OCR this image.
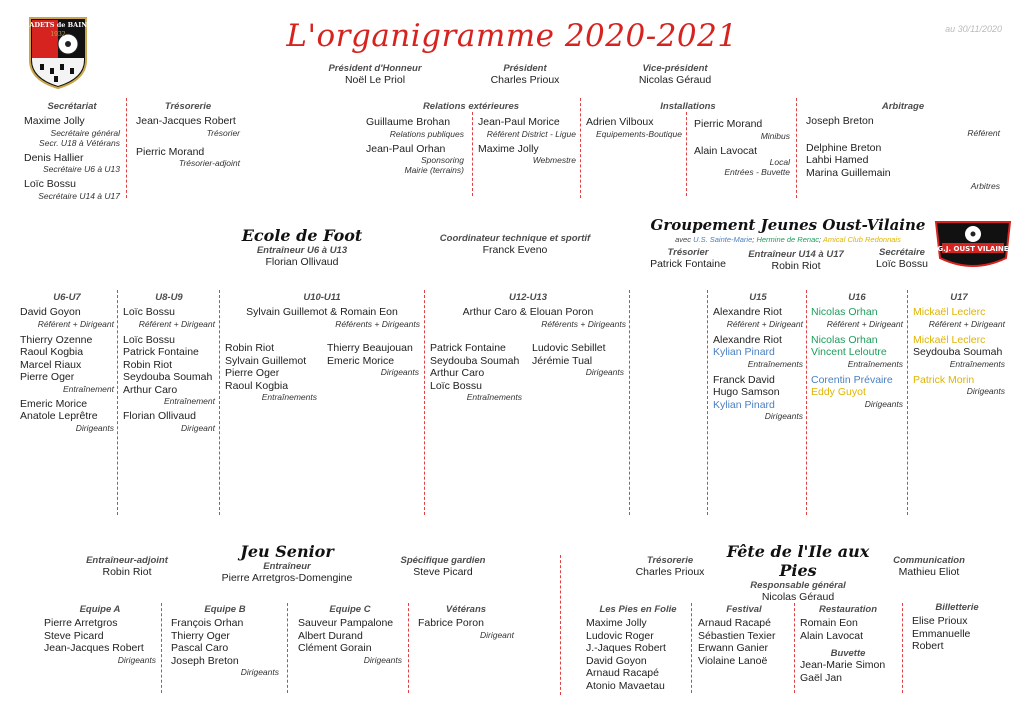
CADETS de BAINS
1932	L'organigramme 2020-2021	au 30/11/2020
Président d'Honneur
Noël Le Priol
Président
Charles Prioux
Vice-président
Nicolas Géraud
Secrétariat
Maxime Jolly
Secrétaire général
Secr. U18 à Vétérans
Denis Hallier
Secrétaire U6 à U13
Loïc Bossu
Secrétaire U14 à U17
Trésorerie
Jean-Jacques Robert
Trésorier
Pierric Morand
Trésorier-adjoint
Relations extérieures
Guillaume Brohan
Relations publiques
Jean-Paul Orhan
Sponsoring
Mairie (terrains)
Jean-Paul Morice
Référent District - Ligue
Maxime Jolly
Webmestre
Installations
Adrien Vilboux
Equipements-Boutique
Pierric Morand
Minibus
Alain Lavocat
Local
Entrées - Buvette
Arbitrage
Joseph Breton
Référent
Delphine Breton
Lahbi Hamed
Marina Guillemain
Arbitres
Ecole de Foot
Entraîneur U6 à U13
Florian Ollivaud
Coordinateur technique et sportif
Franck Eveno
Groupement Jeunes Oust-Vilaine
avec U.S. Sainte-Marie; Hermine de Renac; Amical Club Redonnais
Trésorier
Patrick Fontaine
Entraîneur U14 à U17
Robin Riot
Secrétaire
Loïc Bossu
G.J. OUST VILAINE
U6-U7
David Goyon
Référent + Dirigeant
Thierry Ozenne
Raoul Kogbia
Marcel Riaux
Pierre Oger
Entraînement
Emeric Morice
Anatole Leprêtre
Dirigeants
U8-U9
Loïc Bossu
Référent + Dirigeant
Loïc Bossu
Patrick Fontaine
Robin Riot
Seydouba Soumah
Arthur Caro
Entraînement
Florian Ollivaud
Dirigeant
U10-U11
Sylvain Guillemot & Romain Eon
Référents + Dirigeants
Robin Riot
Sylvain Guillemot
Pierre Oger
Raoul Kogbia
Entraînements
Thierry Beaujouan
Emeric Morice
Dirigeants
U12-U13
Arthur Caro & Elouan Poron
Référents + Dirigeants
Patrick Fontaine
Seydouba Soumah
Arthur Caro
Loïc Bossu
Entraînements
Ludovic Sebillet
Jérémie Tual
Dirigeants
U15
Alexandre Riot
Référent + Dirigeant
Alexandre Riot
Kylian Pinard
Entraînements
Franck David
Hugo Samson
Kylian Pinard
Dirigeants
U16
Nicolas Orhan
Référent + Dirigeant
Nicolas Orhan
Vincent Leloutre
Entraînements
Corentin Prévaire
Eddy Guyot
Dirigeants
U17
Mickaël Leclerc
Référent + Dirigeant
Mickaël Leclerc
Seydouba Soumah
Entraînements
Patrick Morin
Dirigeants
Entraîneur-adjoint
Robin Riot
Jeu Senior
Entraîneur
Pierre Arretgros-Domengine
Spécifique gardien
Steve Picard
Equipe A
Pierre Arretgros
Steve Picard
Jean-Jacques Robert
Dirigeants
Equipe B
François Orhan
Thierry Oger
Pascal Caro
Joseph Breton
Dirigeants
Equipe C
Sauveur Pampalone
Albert Durand
Clément Gorain
Dirigeants
Vétérans
Fabrice Poron
Dirigeant
Trésorerie
Charles Prioux
Fête de l'Ile aux Pies
Responsable général
Nicolas Géraud
Communication
Mathieu Eliot
Les Pies en Folie
Maxime Jolly
Ludovic Roger
J.-Jaques Robert
David Goyon
Arnaud Racapé
Atonio Mavaetau
Festival
Arnaud Racapé
Sébastien Texier
Erwann Ganier
Violaine Lanoë
Restauration
Romain Eon
Alain Lavocat
Buvette
Jean-Marie Simon
Gaël Jan
Billetterie
Elise Prioux
Emmanuelle
Robert
